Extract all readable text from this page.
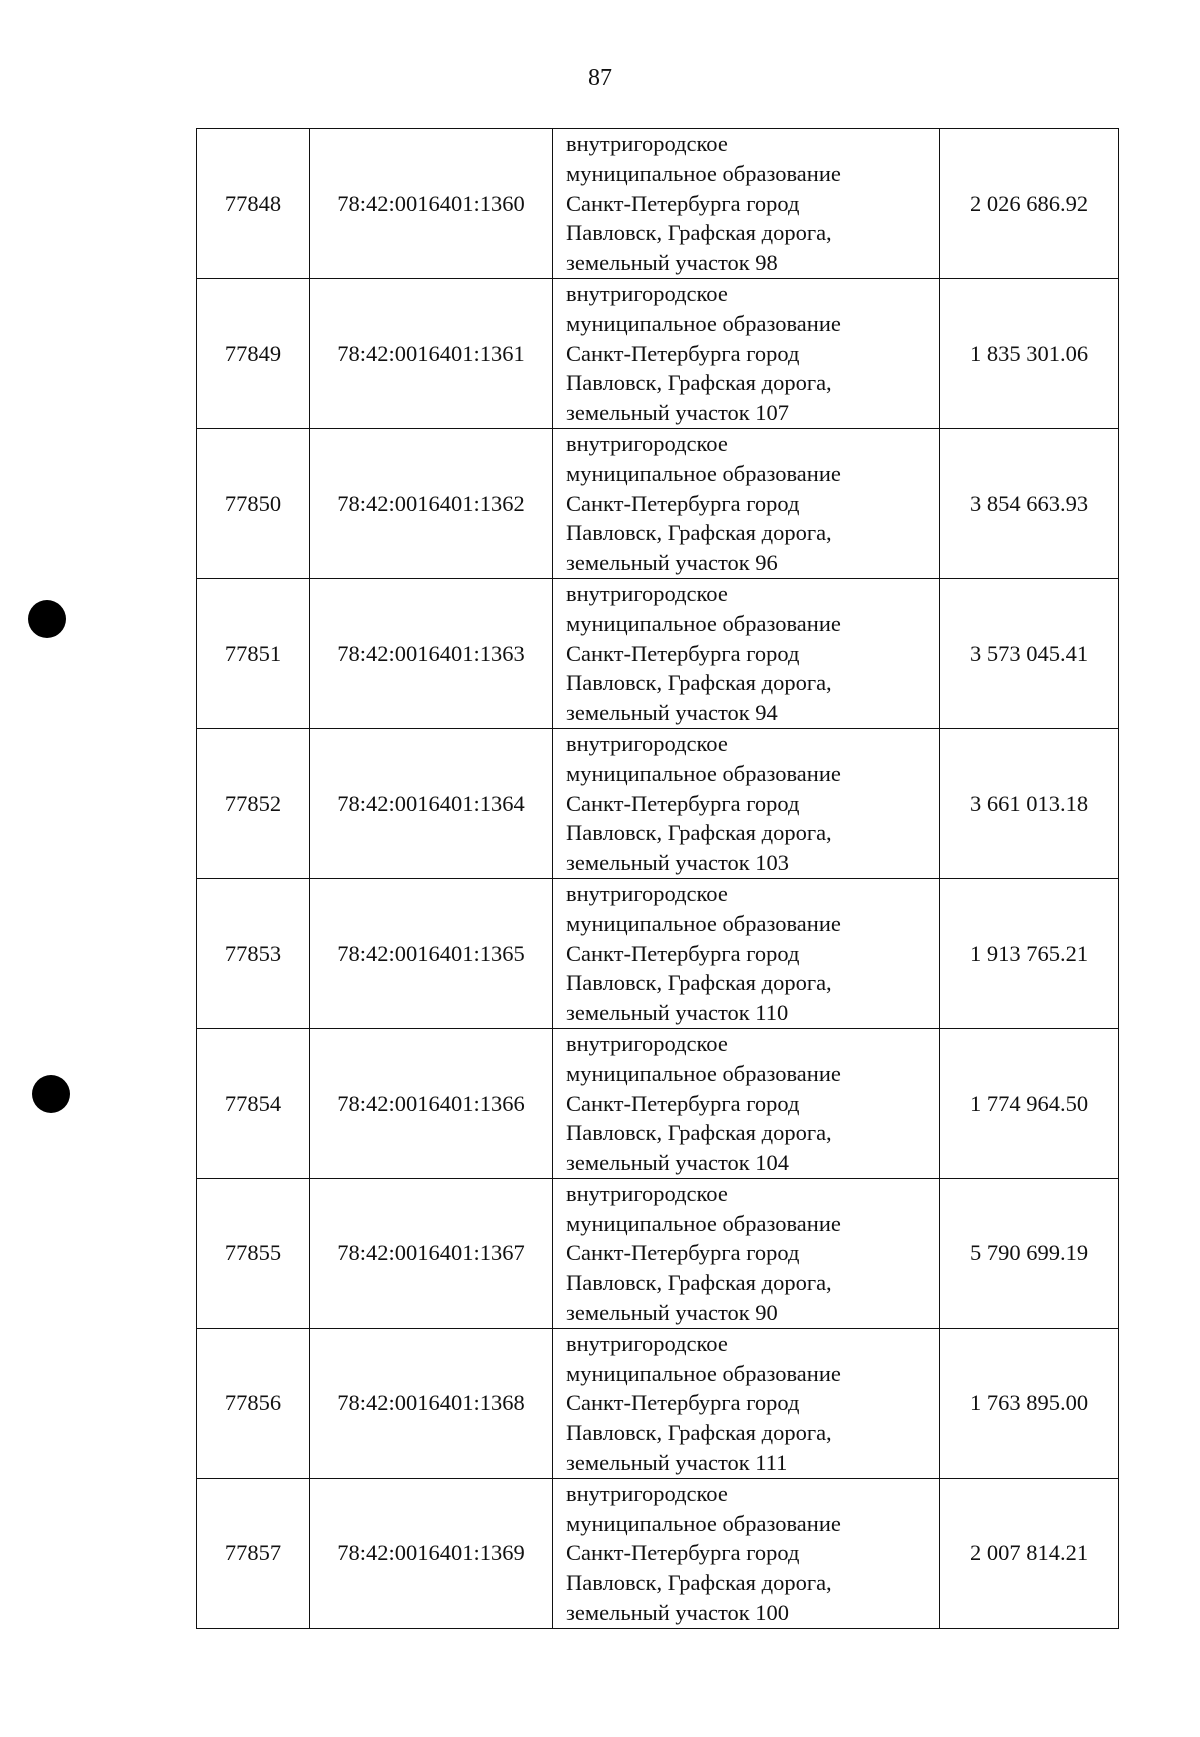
87
77848	78:42:0016401:1360	внутригородское
муниципальное образование
Санкт-Петербурга город
Павловск, Графская дорога,
земельный участок 98	2 026 686.92
77849	78:42:0016401:1361	внутригородское
муниципальное образование
Санкт-Петербурга город
Павловск, Графская дорога,
земельный участок 107	1 835 301.06
77850	78:42:0016401:1362	внутригородское
муниципальное образование
Санкт-Петербурга город
Павловск, Графская дорога,
земельный участок 96	3 854 663.93
77851	78:42:0016401:1363	внутригородское
муниципальное образование
Санкт-Петербурга город
Павловск, Графская дорога,
земельный участок 94	3 573 045.41
77852	78:42:0016401:1364	внутригородское
муниципальное образование
Санкт-Петербурга город
Павловск, Графская дорога,
земельный участок 103	3 661 013.18
77853	78:42:0016401:1365	внутригородское
муниципальное образование
Санкт-Петербурга город
Павловск, Графская дорога,
земельный участок 110	1 913 765.21
77854	78:42:0016401:1366	внутригородское
муниципальное образование
Санкт-Петербурга город
Павловск, Графская дорога,
земельный участок 104	1 774 964.50
77855	78:42:0016401:1367	внутригородское
муниципальное образование
Санкт-Петербурга город
Павловск, Графская дорога,
земельный участок 90	5 790 699.19
77856	78:42:0016401:1368	внутригородское
муниципальное образование
Санкт-Петербурга город
Павловск, Графская дорога,
земельный участок 111	1 763 895.00
77857	78:42:0016401:1369	внутригородское
муниципальное образование
Санкт-Петербурга город
Павловск, Графская дорога,
земельный участок 100	2 007 814.21
